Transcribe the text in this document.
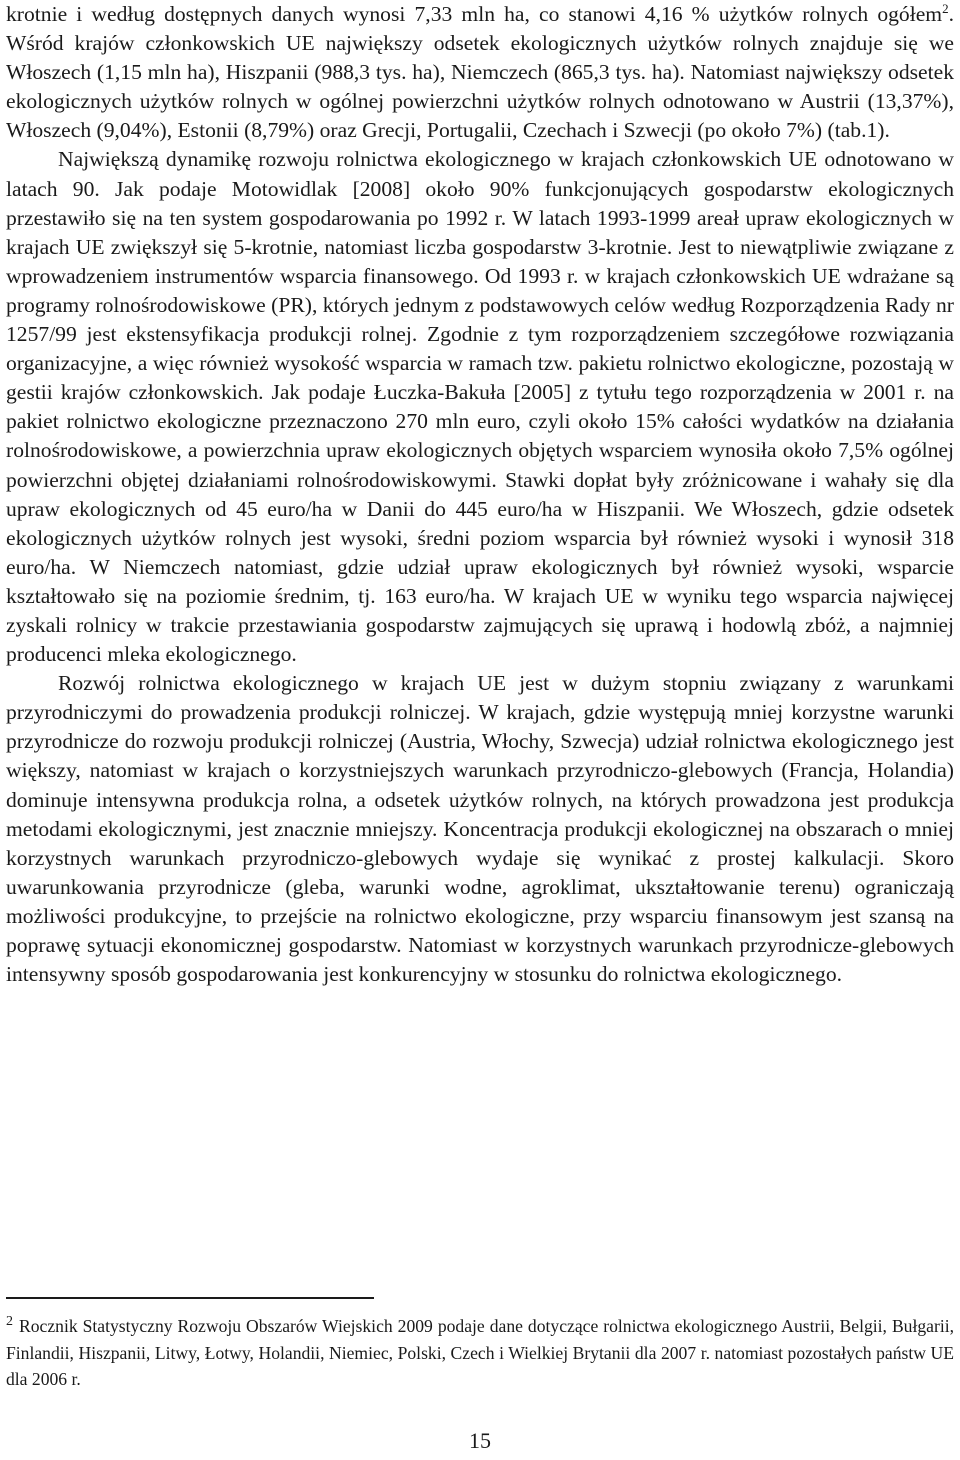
krotnie i według dostępnych danych wynosi 7,33 mln ha, co stanowi 4,16 % użytków rolnych ogółem$^2$. Wśród krajów członkowskich UE największy odsetek ekologicznych użytków rolnych znajduje się we Włoszech (1,15 mln ha), Hiszpanii (988,3 tys. ha), Niemczech (865,3 tys. ha). Natomiast największy odsetek ekologicznych użytków rolnych w ogólnej powierzchni użytków rolnych odnotowano w Austrii (13,37%), Włoszech (9,04%), Estonii (8,79%) oraz Grecji, Portugalii, Czechach i Szwecji (po około 7%) (tab.1).

Największą dynamikę rozwoju rolnictwa ekologicznego w krajach członkowskich UE odnotowano w latach 90. Jak podaje Motowidlak [2008] około 90% funkcjonujących gospodarstw ekologicznych przestawiło się na ten system gospodarowania po 1992 r. W latach 1993-1999 areał upraw ekologicznych w krajach UE zwiększył się 5-krotnie, natomiast liczba gospodarstw 3-krotnie. Jest to niewątpliwie związane z wprowadzeniem instrumentów wsparcia finansowego. Od 1993 r. w krajach członkowskich UE wdrażane są programy rolnośrodowiskowe (PR), których jednym z podstawowych celów według Rozporządzenia Rady nr 1257/99 jest ekstensyfikacja produkcji rolnej. Zgodnie z tym rozporządzeniem szczegółowe rozwiązania organizacyjne, a więc również wysokość wsparcia w ramach tzw. pakietu rolnictwo ekologiczne, pozostają w gestii krajów członkowskich. Jak podaje Łuczka-Bakuła [2005] z tytułu tego rozporządzenia w 2001 r. na pakiet rolnictwo ekologiczne przeznaczono 270 mln euro, czyli około 15% całości wydatków na działania rolnośrodowiskowe, a powierzchnia upraw ekologicznych objętych wsparciem wynosiła około 7,5% ogólnej powierzchni objętej działaniami rolnośrodowiskowymi. Stawki dopłat były zróżnicowane i wahały się dla upraw ekologicznych od 45 euro/ha w Danii do 445 euro/ha w Hiszpanii. We Włoszech, gdzie odsetek ekologicznych użytków rolnych jest wysoki, średni poziom wsparcia był również wysoki i wynosił 318 euro/ha. W Niemczech natomiast, gdzie udział upraw ekologicznych był również wysoki, wsparcie kształtowało się na poziomie średnim, tj. 163 euro/ha. W krajach UE w wyniku tego wsparcia najwięcej zyskali rolnicy w trakcie przestawiania gospodarstw zajmujących się uprawą i hodowlą zbóż, a najmniej producenci mleka ekologicznego.

Rozwój rolnictwa ekologicznego w krajach UE jest w dużym stopniu związany z warunkami przyrodniczymi do prowadzenia produkcji rolniczej. W krajach, gdzie występują mniej korzystne warunki przyrodnicze do rozwoju produkcji rolniczej (Austria, Włochy, Szwecja) udział rolnictwa ekologicznego jest większy, natomiast w krajach o korzystniejszych warunkach przyrodniczo-glebowych (Francja, Holandia) dominuje intensywna produkcja rolna, a odsetek użytków rolnych, na których prowadzona jest produkcja metodami ekologicznymi, jest znacznie mniejszy. Koncentracja produkcji ekologicznej na obszarach o mniej korzystnych warunkach przyrodniczo-glebowych wydaje się wynikać z prostej kalkulacji. Skoro uwarunkowania przyrodnicze (gleba, warunki wodne, agroklimat, ukształtowanie terenu) ograniczają możliwości produkcyjne, to przejście na rolnictwo ekologiczne, przy wsparciu finansowym jest szansą na poprawę sytuacji ekonomicznej gospodarstw. Natomiast w korzystnych warunkach przyrodnicze-glebowych intensywny sposób gospodarowania jest konkurencyjny w stosunku do rolnictwa ekologicznego.

$^2$ Rocznik Statystyczny Rozwoju Obszarów Wiejskich 2009 podaje dane dotyczące rolnictwa ekologicznego Austrii, Belgii, Bułgarii, Finlandii, Hiszpanii, Litwy, Łotwy, Holandii, Niemiec, Polski, Czech i Wielkiej Brytanii dla 2007 r. natomiast pozostałych państw UE dla 2006 r.

15
